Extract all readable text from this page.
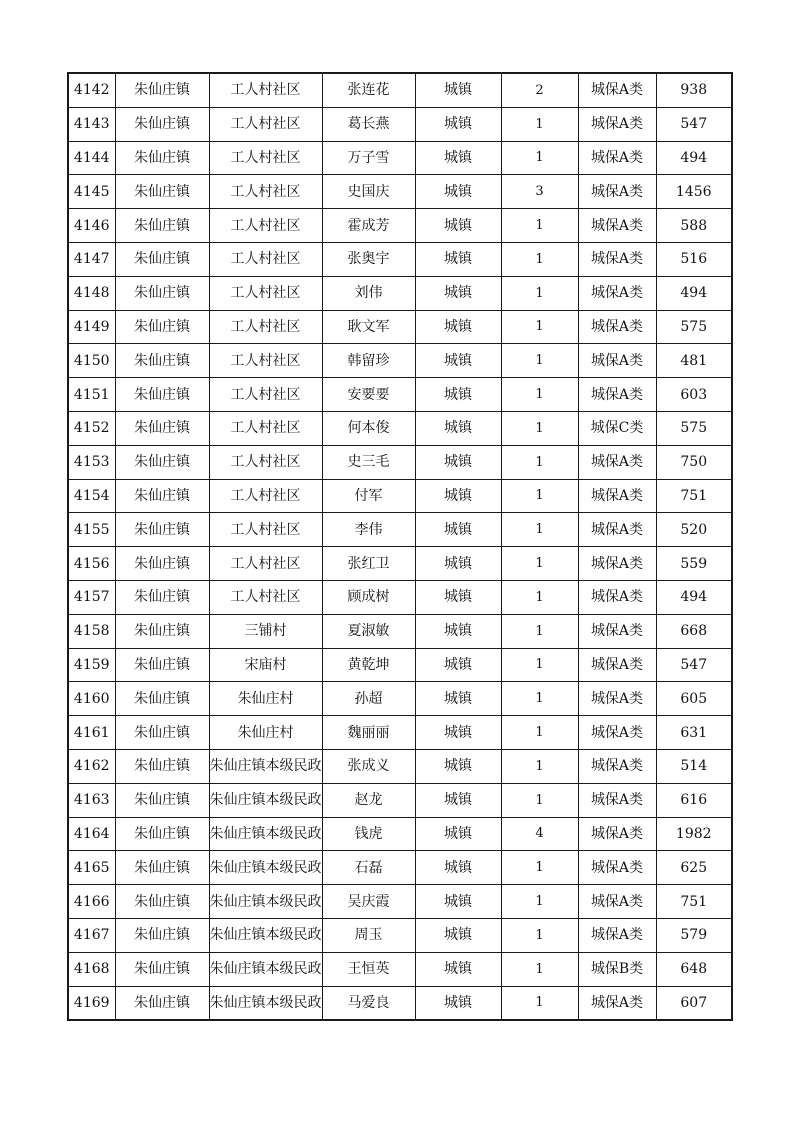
4142	朱仙庄镇	工人村社区	张连花	城镇	2	城保A类	938
4143	朱仙庄镇	工人村社区	葛长燕	城镇	1	城保A类	547
4144	朱仙庄镇	工人村社区	万子雪	城镇	1	城保A类	494
4145	朱仙庄镇	工人村社区	史国庆	城镇	3	城保A类	1456
4146	朱仙庄镇	工人村社区	霍成芳	城镇	1	城保A类	588
4147	朱仙庄镇	工人村社区	张奥宇	城镇	1	城保A类	516
4148	朱仙庄镇	工人村社区	刘伟	城镇	1	城保A类	494
4149	朱仙庄镇	工人村社区	耿文军	城镇	1	城保A类	575
4150	朱仙庄镇	工人村社区	韩留珍	城镇	1	城保A类	481
4151	朱仙庄镇	工人村社区	安要要	城镇	1	城保A类	603
4152	朱仙庄镇	工人村社区	何本俊	城镇	1	城保C类	575
4153	朱仙庄镇	工人村社区	史三毛	城镇	1	城保A类	750
4154	朱仙庄镇	工人村社区	付军	城镇	1	城保A类	751
4155	朱仙庄镇	工人村社区	李伟	城镇	1	城保A类	520
4156	朱仙庄镇	工人村社区	张红卫	城镇	1	城保A类	559
4157	朱仙庄镇	工人村社区	顾成树	城镇	1	城保A类	494
4158	朱仙庄镇	三铺村	夏淑敏	城镇	1	城保A类	668
4159	朱仙庄镇	宋庙村	黄乾坤	城镇	1	城保A类	547
4160	朱仙庄镇	朱仙庄村	孙超	城镇	1	城保A类	605
4161	朱仙庄镇	朱仙庄村	魏丽丽	城镇	1	城保A类	631
4162	朱仙庄镇	朱仙庄镇本级民政	张成义	城镇	1	城保A类	514
4163	朱仙庄镇	朱仙庄镇本级民政	赵龙	城镇	1	城保A类	616
4164	朱仙庄镇	朱仙庄镇本级民政	钱虎	城镇	4	城保A类	1982
4165	朱仙庄镇	朱仙庄镇本级民政	石磊	城镇	1	城保A类	625
4166	朱仙庄镇	朱仙庄镇本级民政	吴庆霞	城镇	1	城保A类	751
4167	朱仙庄镇	朱仙庄镇本级民政	周玉	城镇	1	城保A类	579
4168	朱仙庄镇	朱仙庄镇本级民政	王恒英	城镇	1	城保B类	648
4169	朱仙庄镇	朱仙庄镇本级民政	马爱良	城镇	1	城保A类	607
